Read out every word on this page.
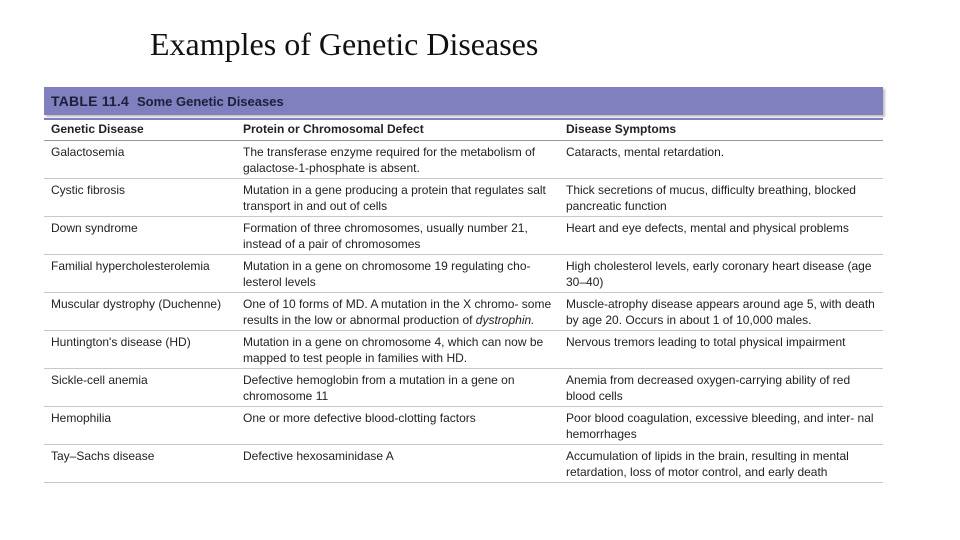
Examples of Genetic Diseases
TABLE 11.4 Some Genetic Diseases
Genetic Disease	Protein or Chromosomal Defect	Disease Symptoms
Galactosemia	The transferase enzyme required for the metabolism of galactose-1-phosphate is absent.	Cataracts, mental retardation.
Cystic fibrosis	Mutation in a gene producing a protein that regulates salt transport in and out of cells	Thick secretions of mucus, difficulty breathing, blocked pancreatic function
Down syndrome	Formation of three chromosomes, usually number 21, instead of a pair of chromosomes	Heart and eye defects, mental and physical problems
Familial hypercholesterolemia	Mutation in a gene on chromosome 19 regulating cho- lesterol levels	High cholesterol levels, early coronary heart disease (age 30–40)
Muscular dystrophy (Duchenne)	One of 10 forms of MD. A mutation in the X chromo- some results in the low or abnormal production of dystrophin.	Muscle-atrophy disease appears around age 5, with death by age 20. Occurs in about 1 of 10,000 males.
Huntington's disease (HD)	Mutation in a gene on chromosome 4, which can now be mapped to test people in families with HD.	Nervous tremors leading to total physical impairment
Sickle-cell anemia	Defective hemoglobin from a mutation in a gene on chromosome 11	Anemia from decreased oxygen-carrying ability of red blood cells
Hemophilia	One or more defective blood-clotting factors	Poor blood coagulation, excessive bleeding, and inter- nal hemorrhages
Tay–Sachs disease	Defective hexosaminidase A	Accumulation of lipids in the brain, resulting in mental retardation, loss of motor control, and early death
